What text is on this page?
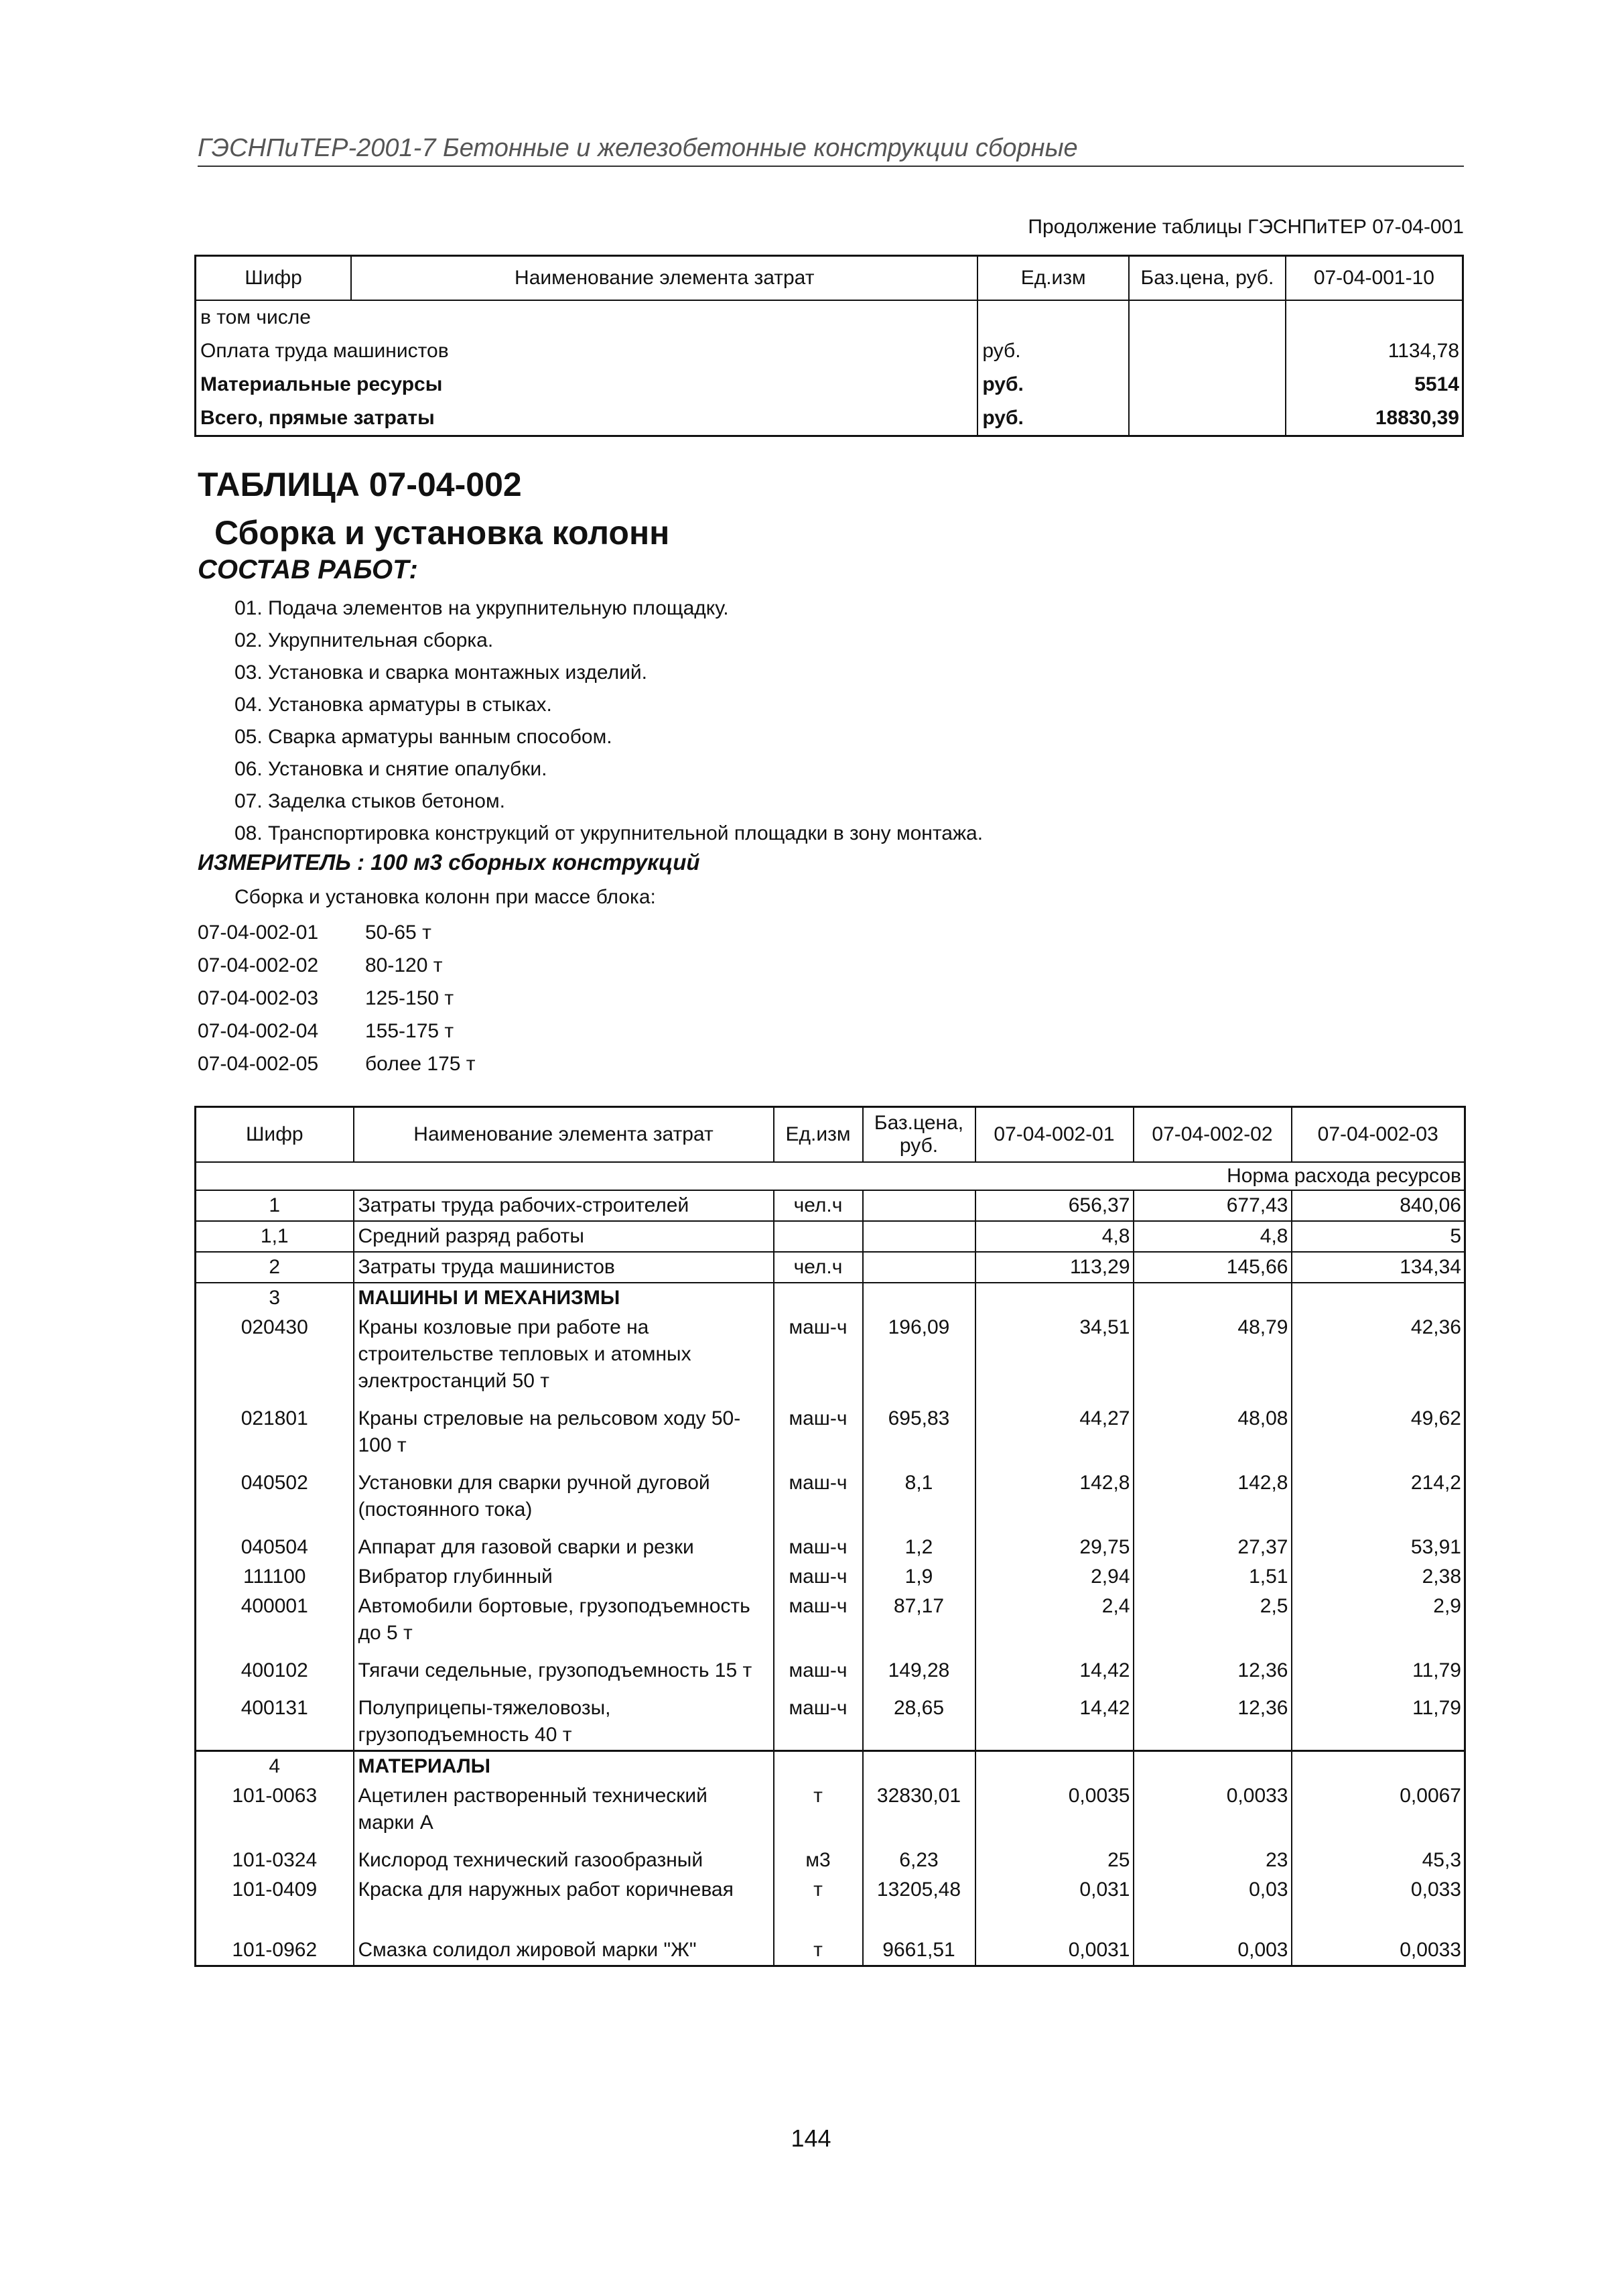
ГЭСНПиТЕР-2001-7 Бетонные и железобетонные конструкции сборные
Продолжение таблицы ГЭСНПиТЕР 07-04-001
Шифр	Наименование элемента затрат	Ед.изм	Баз.цена, руб.	07-04-001-10
в том числе				
Оплата труда машинистов		руб.		1134,78
Материальные ресурсы		руб.		5514
Всего, прямые затраты		руб.		18830,39
ТАБЛИЦА 07-04-002
Сборка и установка колонн
СОСТАВ РАБОТ:
01. Подача элементов на укрупнительную площадку.
02. Укрупнительная сборка.
03. Установка и сварка монтажных изделий.
04. Установка арматуры в стыках.
05. Сварка арматуры ванным способом.
06. Установка и снятие опалубки.
07. Заделка стыков бетоном.
08. Транспортировка конструкций от укрупнительной площадки в зону монтажа.
ИЗМЕРИТЕЛЬ : 100 м3 сборных конструкций
Сборка и установка колонн при массе блока:
07-04-002-01	50-65 т
07-04-002-02	80-120 т
07-04-002-03	125-150 т
07-04-002-04	155-175 т
07-04-002-05	более 175 т
Шифр	Наименование элемента затрат	Ед.изм	Баз.цена, руб.	07-04-002-01	07-04-002-02	07-04-002-03
Норма расхода ресурсов						
1	Затраты труда рабочих-строителей	чел.ч		656,37	677,43	840,06
1,1	Средний разряд работы			4,8	4,8	5
2	Затраты труда машинистов	чел.ч		113,29	145,66	134,34
3	МАШИНЫ И МЕХАНИЗМЫ					
020430	Краны козловые при работе на строительстве тепловых и атомных электростанций 50 т	маш-ч	196,09	34,51	48,79	42,36
021801	Краны стреловые на рельсовом ходу 50-100 т	маш-ч	695,83	44,27	48,08	49,62
040502	Установки для сварки ручной дуговой (постоянного тока)	маш-ч	8,1	142,8	142,8	214,2
040504	Аппарат для газовой сварки и резки	маш-ч	1,2	29,75	27,37	53,91
111100	Вибратор глубинный	маш-ч	1,9	2,94	1,51	2,38
400001	Автомобили бортовые, грузоподъемность до 5 т	маш-ч	87,17	2,4	2,5	2,9
400102	Тягачи седельные, грузоподъемность 15 т	маш-ч	149,28	14,42	12,36	11,79
400131	Полуприцепы-тяжеловозы, грузоподъемность 40 т	маш-ч	28,65	14,42	12,36	11,79
4	МАТЕРИАЛЫ					
101-0063	Ацетилен растворенный технический марки А	т	32830,01	0,0035	0,0033	0,0067
101-0324	Кислород технический газообразный	м3	6,23	25	23	45,3
101-0409	Краска для наружных работ коричневая	т	13205,48	0,031	0,03	0,033
101-0962	Смазка солидол жировой марки "Ж"	т	9661,51	0,0031	0,003	0,0033
144
